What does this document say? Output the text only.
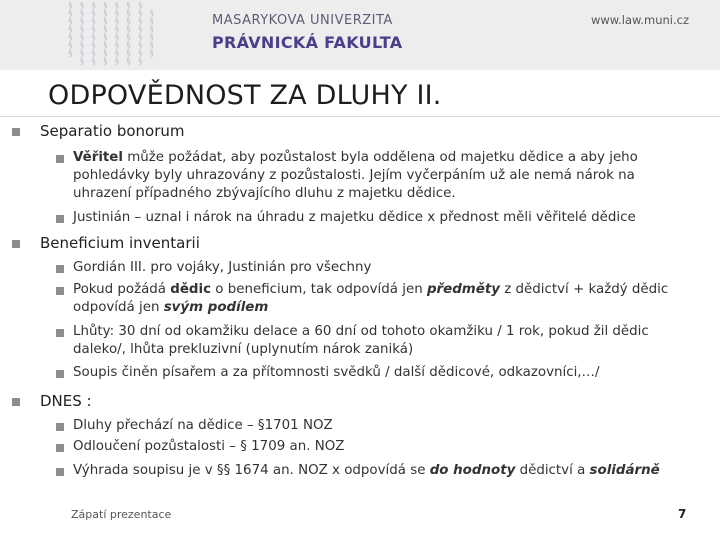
§ § § § § § §
§ § § § § § § §
§ § § § § § § §
§ § § § § § § §
§ § § § § § § §
§ § § § § § § §
§ § § § § § § §
§ § § § § §
MASARYKOVA UNIVERZITA
PRÁVNICKÁ FAKULTA
www.law.muni.cz
ODPOVĚDNOST ZA DLUHY II.
Separatio bonorum
Věřitel může požádat, aby pozůstalost byla oddělena od majetku dědice a aby jeho
pohledávky byly uhrazovány z pozůstalosti. Jejím vyčerpáním už ale nemá nárok na
uhrazení případného zbývajícího dluhu z majetku dědice.
Justinián – uznal i nárok na úhradu z majetku dědice x přednost měli věřitelé dědice
Beneficium inventarii
Gordián III. pro vojáky, Justinián pro všechny
Pokud požádá dědic o beneficium, tak odpovídá jen předměty z dědictví + každý dědic
odpovídá jen svým podílem
Lhůty: 30 dní od okamžiku delace a 60 dní od tohoto okamžiku / 1 rok, pokud žil dědic
daleko/, lhůta prekluzivní (uplynutím nárok zaniká)
Soupis činěn písařem a za přítomnosti svědků / další dědicové, odkazovníci,…/
DNES :
Dluhy přechází na dědice – §1701 NOZ
Odloučení pozůstalosti – § 1709 an. NOZ
Výhrada soupisu je v §§ 1674 an. NOZ x odpovídá se do hodnoty dědictví a solidárně
Zápatí prezentace	7
